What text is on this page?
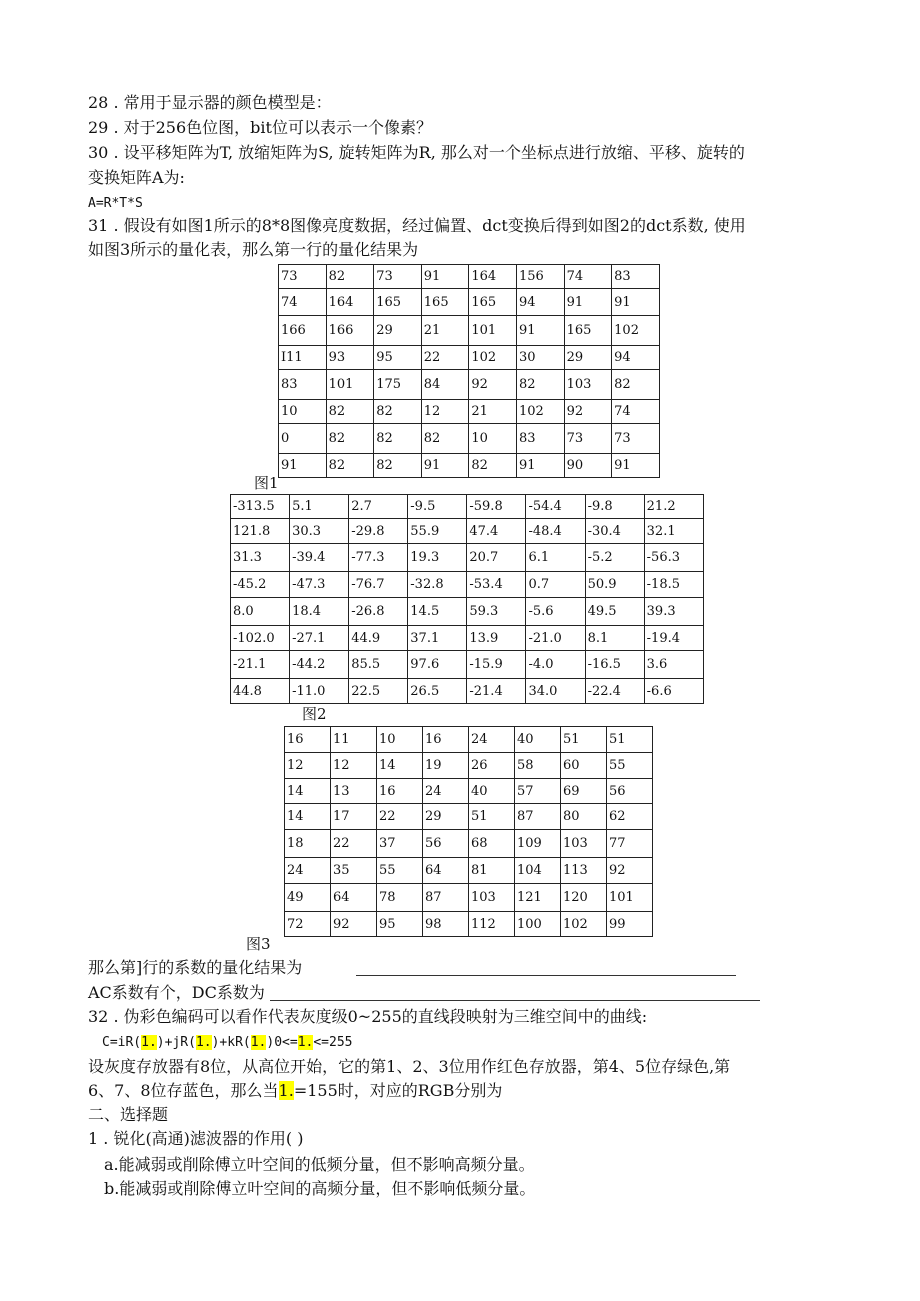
28 . 常用于显示器的颜色模型是：
29 . 对于256色位图，bit位可以表示一个像素？
30 . 设平移矩阵为T, 放缩矩阵为S, 旋转矩阵为R, 那么对一个坐标点进行放缩、平移、旋转的
变换矩阵A为:
A=R*T*S
31 . 假设有如图1所示的8*8图像亮度数据，经过偏置、dct变换后得到如图2的dct系数, 使用
如图3所示的量化表，那么第一行的量化结果为
73	82	73	91	164	156	74	83
74	164	165	165	165	94	91	91
166	166	29	21	101	91	165	102
I11	93	95	22	102	30	29	94
83	101	175	84	92	82	103	82
10	82	82	12	21	102	92	74
0	82	82	82	10	83	73	73
91	82	82	91	82	91	90	91
图1
-313.5	5.1	2.7	-9.5	-59.8	-54.4	-9.8	21.2
121.8	30.3	-29.8	55.9	47.4	-48.4	-30.4	32.1
31.3	-39.4	-77.3	19.3	20.7	6.1	-5.2	-56.3
-45.2	-47.3	-76.7	-32.8	-53.4	0.7	50.9	-18.5
8.0	18.4	-26.8	14.5	59.3	-5.6	49.5	39.3
-102.0	-27.1	44.9	37.1	13.9	-21.0	8.1	-19.4
-21.1	-44.2	85.5	97.6	-15.9	-4.0	-16.5	3.6
44.8	-11.0	22.5	26.5	-21.4	34.0	-22.4	-6.6
图2
16	11	10	16	24	40	51	51
12	12	14	19	26	58	60	55
14	13	16	24	40	57	69	56
14	17	22	29	51	87	80	62
18	22	37	56	68	109	103	77
24	35	55	64	81	104	113	92
49	64	78	87	103	121	120	101
72	92	95	98	112	100	102	99
图3
那么第]行的系数的量化结果为
AC系数有个，DC系数为
32 . 伪彩色编码可以看作代表灰度级0~255的直线段映射为三维空间中的曲线:
C=iR(1.)+jR(1.)+kR(1.)0<=1.<=255
设灰度存放器有8位，从高位开始，它的第1、2、3位用作红色存放器，第4、5位存绿色,第
6、7、8位存蓝色，那么当1.=155时，对应的RGB分别为
二、选择题
1 . 锐化(高通)滤波器的作用( )
a.能减弱或削除傅立叶空间的低频分量，但不影响高频分量。
b.能减弱或削除傅立叶空间的高频分量，但不影响低频分量。
